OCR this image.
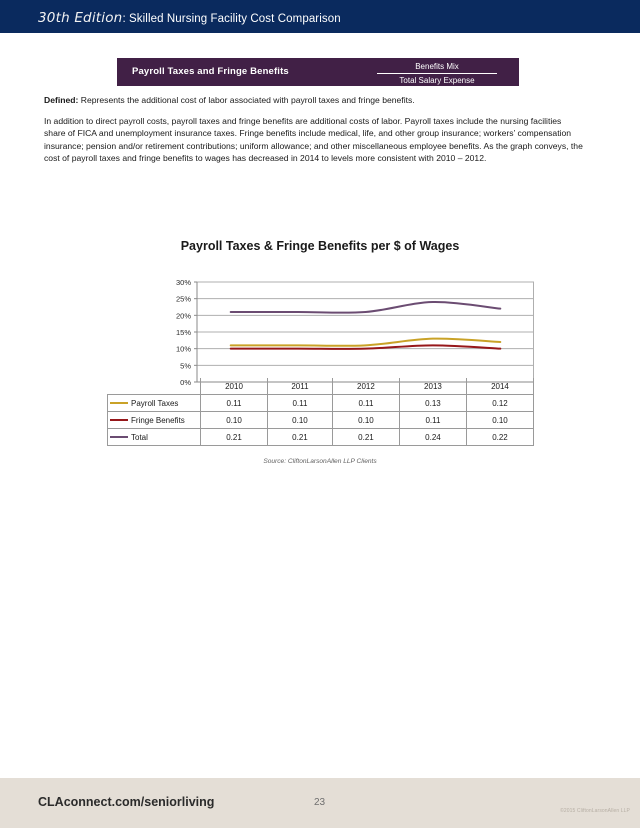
30th Edition: Skilled Nursing Facility Cost Comparison
Payroll Taxes and Fringe Benefits	Benefits Mix
Total Salary Expense

Defined: Represents the additional cost of labor associated with payroll taxes and fringe benefits.

In addition to direct payroll costs, payroll taxes and fringe benefits are additional costs of labor. Payroll taxes include the nursing facilities share of FICA and unemployment insurance taxes. Fringe benefits include medical, life, and other group insurance; workers’ compensation insurance; pension and/or retirement contributions; uniform allowance; and other miscellaneous employee benefits. As the graph conveys, the cost of payroll taxes and fringe benefits to wages has decreased in 2014 to levels more consistent with 2010 – 2012.

Payroll Taxes & Fringe Benefits per $ of Wages
0%
5%
10%
15%
20%
25%
30%
	2010	2011	2012	2013	2014
Payroll Taxes	0.11	0.11	0.11	0.13	0.12
Fringe Benefits	0.10	0.10	0.10	0.11	0.10
Total	0.21	0.21	0.21	0.24	0.22
Source: CliftonLarsonAllen LLP Clients
CLAconnect.com/seniorliving	23
©2015 CliftonLarsonAllen LLP
